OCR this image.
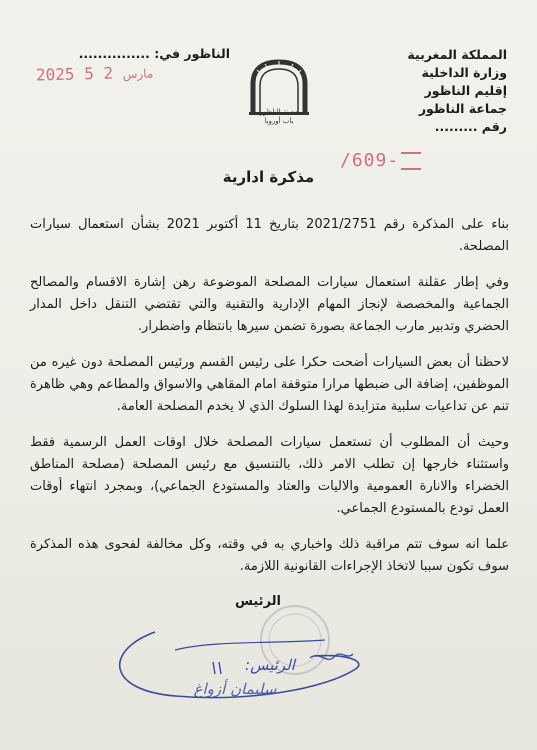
المملكة المغربية
وزارة الداخلية
إقليم الناظور
جماعة الناظور
رقم .........
الناظور في: ...............
2025	مارس 2 5
مدينة الناظور
باب أوروبا
/609-
مذكرة ادارية

بناء على المذكرة رقم 2021/2751 بتاريخ 11 أكتوبر 2021 بشأن استعمال سيارات المصلحة.

وفي إطار عقلنة استعمال سيارات المصلحة الموضوعة رهن إشارة الاقسام والمصالح الجماعية والمخصصة لإنجاز المهام الإدارية والتقنية والتي تقتضي التنقل داخل المدار الحضري وتدبير مارب الجماعة بصورة تضمن سيرها بانتظام واضطرار.

لاحظنا أن بعض السيارات أضحت حكرا على رئيس القسم ورئيس المصلحة دون غيره من الموظفين، إضافة الى ضبطها مرارا متوقفة امام المقاهي والاسواق والمطاعم وهي ظاهرة تنم عن تداعيات سلبية متزايدة لهذا السلوك الذي لا يخدم المصلحة العامة.

وحيث أن المطلوب أن تستعمل سيارات المصلحة خلال اوقات العمل الرسمية فقط واستثناء خارجها إن تطلب الامر ذلك، بالتنسيق مع رئيس المصلحة (مصلحة المناطق الخضراء والانارة العمومية والاليات والعتاد والمستودع الجماعي)، وبمجرد انتهاء أوقات العمل تودع بالمستودع الجماعي.

علما انه سوف تتم مراقبة ذلك واخباري به في وقته، وكل مخالفة لفحوى هذه المذكرة سوف تكون سببا لاتخاذ الإجراءات القانونية اللازمة.

الرئيس
الرئيس:
سليمان أزواغ
